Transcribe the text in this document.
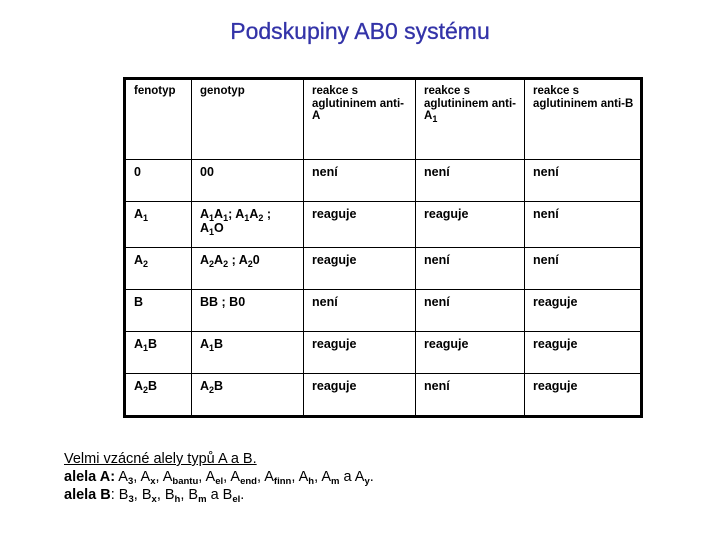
Podskupiny AB0 systému
fenotyp	genotyp	reakce s aglutininem anti-A	reakce s aglutininem anti-$A_1$	reakce s aglutininem anti-B
0	00	není	není	není
$A_1$	$A_1A_1$; $A_1A_2$ ; $A_1O$	reaguje	reaguje	není
$A_2$	$A_2A_2$ ; $A_20$	reaguje	není	není
B	BB ; B0	není	není	reaguje
$A_1B$	$A_1B$	reaguje	reaguje	reaguje
$A_2B$	$A_2B$	reaguje	není	reaguje
Velmi vzácné alely typů A a B.
alela A: $A_3$, $A_x$, $A_{bantu}$, $A_{el}$, $A_{end}$, $A_{finn}$, $A_h$, $A_m$ a $A_y$.
alela B: $B_3$, $B_x$, $B_h$, $B_m$ a $B_{el}$.
